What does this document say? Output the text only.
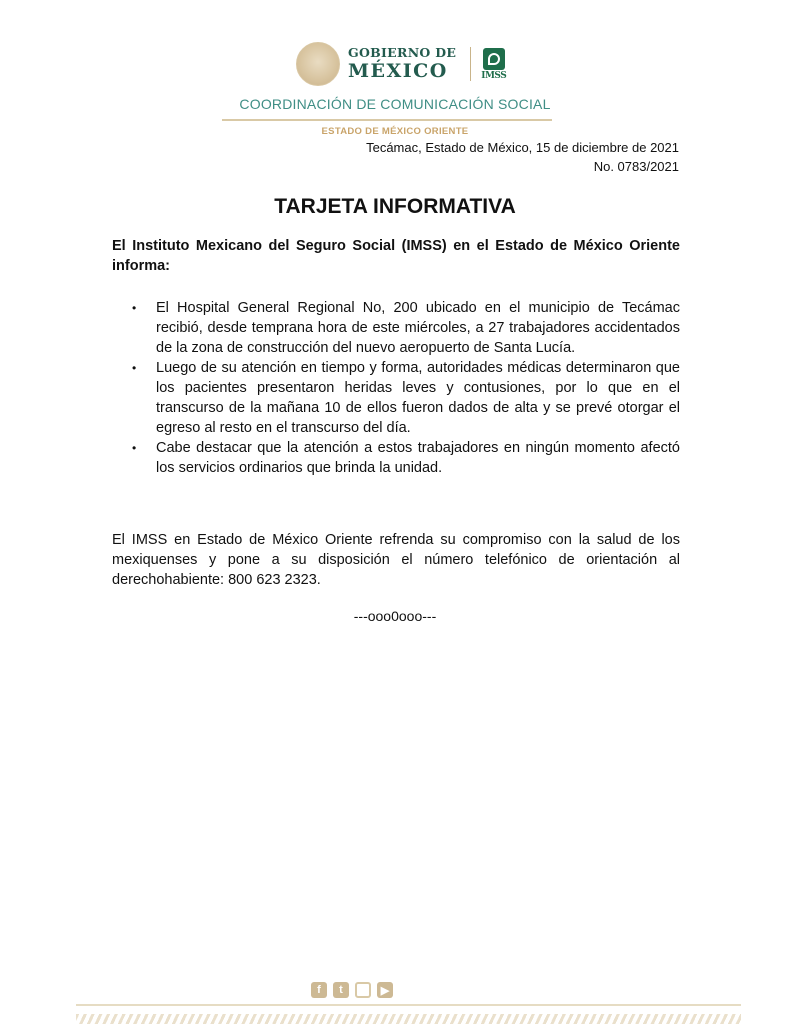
GOBIERNO DE
MÉXICO	IMSS
COORDINACIÓN DE COMUNICACIÓN SOCIAL
ESTADO DE MÉXICO ORIENTE
Tecámac, Estado de México, 15 de diciembre de 2021
No. 0783/2021
TARJETA INFORMATIVA
El Instituto Mexicano del Seguro Social (IMSS) en el Estado de México Oriente informa:
• El Hospital General Regional No, 200 ubicado en el municipio de Tecámac recibió, desde temprana hora de este miércoles, a 27 trabajadores accidentados de la zona de construcción del nuevo aeropuerto de Santa Lucía.
• Luego de su atención en tiempo y forma, autoridades médicas determinaron que los pacientes presentaron heridas leves y contusiones, por lo que en el transcurso de la mañana 10 de ellos fueron dados de alta y se prevé otorgar el egreso al resto en el transcurso del día.
• Cabe destacar que la atención a estos trabajadores en ningún momento afectó los servicios ordinarios que brinda la unidad.
El IMSS en Estado de México Oriente refrenda su compromiso con la salud de los mexiquenses y pone a su disposición el número telefónico de orientación al derechohabiente: 800 623 2323.
---ooo0ooo---
f	t	▶
